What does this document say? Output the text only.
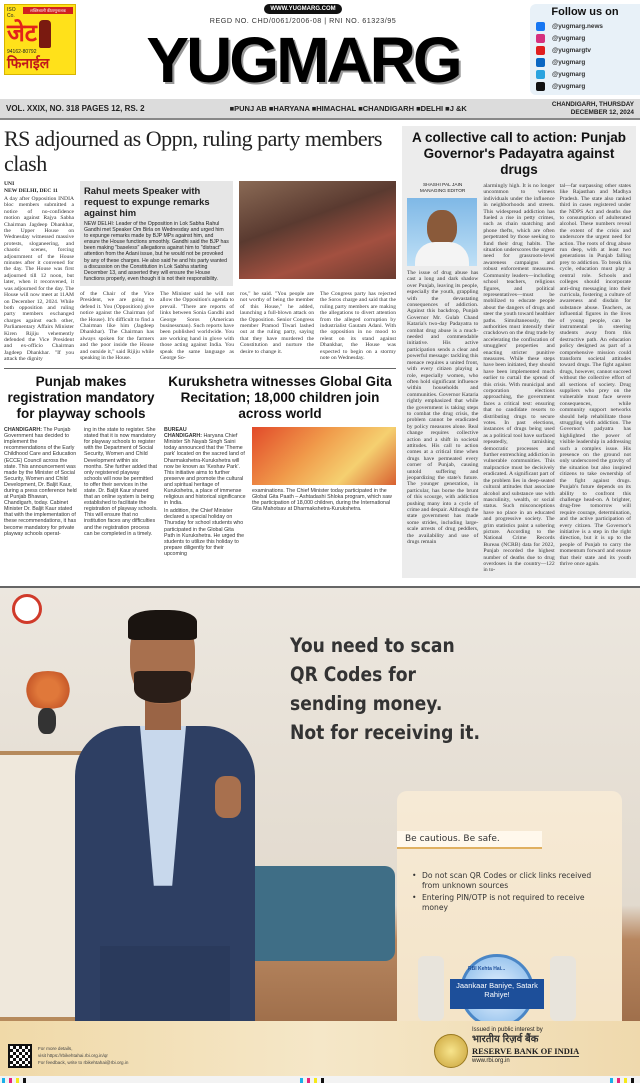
ISO Co.
शक्तिशाली कीटाणुनाशक
जेट
94162-80792
फिनाईल
WWW.YUGMARG.COM
REGD NO. CHD/0061/2006-08 | RNI NO. 61323/95
YUGMARG
Follow us on
@yugmarg.news
@yugmarg
@yugmargtv
@yugmarg
@yugmarg
@yugmarg
VOL. XXIX, NO. 318 PAGES 12, RS. 2	■PUNJ AB ■HARYANA ■HIMACHAL ■CHANDIGARH ■DELHI ■J &K	CHANDIGARH, THURSDAY
DECEMBER 12, 2024
RS adjourned as Oppn, ruling party members clash
UNI
NEW DELHI, DEC 11
A day after Opposition INDIA bloc members submitted a notice of no-confidence motion against Rajya Sabha Chairman Jagdeep Dhankhar, the Upper House on Wednesday witnessed massive protests, sloganeering, and chaotic scenes, forcing adjournment of the House minutes after it convened for the day. The House was first adjourned till 12 noon, but later, when it reconvened, it was adjourned for the day. The House will now meet at 11AM on December 12, 2024. While both opposition and ruling party members exchanged charges against each other, Parliamentary Affairs Minister Kiren Rijiju vehemently defended the Vice President and ex-officio Chairman Jagdeep Dhankhar. "If you attack the dignity
Rahul meets Speaker with request to expunge remarks against him

NEW DELHI: Leader of the Opposition in Lok Sabha Rahul Gandhi met Speaker Om Birla on Wednesday and urged him to expunge remarks made by BJP MPs against him, and ensure the House functions smoothly. Gandhi said the BJP has been making "baseless" allegations against him to "distract" attention from the Adani issue, but he would not be provoked by any of these charges. He also said he and his party wanted a discussion on the Constitution in Lok Sabha starting December 13, and asserted they will ensure the House functions properly, even though it is not their responsibility.

of the Chair of the Vice President, we are going to defend it. You (Opposition) give notice against the Chairman (of the House). It's difficult to find a Chairman like him (Jagdeep Dhankhar). The Chairman has always spoken for the farmers and the poor inside the House and outside it," said Rijiju while speaking in the House.
The Minister said he will not allow the Opposition's agenda to prevail. "There are reports of links between Sonia Gandhi and George Soros (American businessman). Such reports have been published worldwide. You are working hand in glove with those acting against India. You speak the same language as George So-
ros," he said. "You people are not worthy of being the member of this House," he added, launching a full-blown attack on the Opposition. Senior Congress member Pramod Tiwari lashed out at the ruling party, saying that they have murdered the Constitution and nurture the desire to change it.
The Congress party has rejected the Soros charge and said that the ruling party members are making the allegations to divert attention from the alleged corruption by industrialist Gautam Adani. With the opposition in no mood to relent on its stand against Dhankhar, the House was expected to begin on a stormy note on Wednesday.
Punjab makes registration mandatory for playway schools
CHANDIGARH: The Punjab Government has decided to implement the recommendations of the Early Childhood Care and Education (ECCE) Council across the state. This announcement was made by the Minister of Social Security, Women and Child Development, Dr. Baljit Kaur, during a press conference held at Punjab Bhawan, Chandigarh, today. Cabinet Minister Dr. Baljit Kaur stated that with the implementation of these recommendations, it has become mandatory for private playway schools operat-
ing in the state to register. She stated that it is now mandatory for playway schools to register with the Department of Social Security, Women and Child Development within six months. She further added that only registered playway schools will now be permitted to offer their services in the state. Dr. Baljit Kaur shared that an online system is being established to facilitate the registration of playway schools. This will ensure that no institution faces any difficulties and the registration process can be completed in a timely.
Kurukshetra witnesses Global Gita Recitation; 18,000 children join across world
BUREAU
CHANDIGARH: Haryana Chief Minister Sh Nayab Singh Saini today announced that the 'Theme park' located on the sacred land of Dharmakshetra-Kurukshetra will now be known as 'Keshav Park'. This initiative aims to further preserve and promote the cultural and spiritual heritage of Kurukshetra, a place of immense religious and historical significance in India.
In addition, the Chief Minister declared a special holiday on Thursday for school students who participated in the Global Gita Path in Kurukshetra. He urged the students to utilize this holiday to prepare diligently for their upcoming
examinations. The Chief Minister today participated in the Global Gita Paath – Ashtadashi Shloka program, which saw the participation of 18,000 children, during the International Gita Mahotsav at Dharmakshetra-Kurukshetra.
A collective call to action: Punjab Governor's Padayatra against drugs
SHASHI PAL JAIN
MANAGING EDITOR
The issue of drug abuse has cast a long and dark shadow over Punjab, leaving its people, especially the youth, grappling with the devastating consequences of addiction. Against this backdrop, Punjab Governor Mr. Gulab Chand Kataria's two-day Padayatra to combat drug abuse is a much-needed and commendable initiative. His active participation sends a clear and powerful message: tackling this menace requires a united front, with every citizen playing a role, especially women, who often hold significant influence within households and communities. Governor Kataria rightly emphasized that while the government is taking steps to combat the drug crisis, the problem cannot be eradicated by policy measures alone. Real change requires collective action and a shift in societal attitudes. His call to action comes at a critical time when drugs have permeated every corner of Punjab, causing untold suffering and jeopardizing the state's future. The younger generation, in particular, has borne the brunt of this scourge, with addiction pushing many into a cycle of crime and despair. Although the state government has made some strides, including large-scale arrests of drug peddlers, the availability and use of drugs remain
alarmingly high. It is no longer uncommon to witness individuals under the influence in neighborhoods and streets. This widespread addiction has fueled a rise in petty crimes, such as chain snatching and phone thefts, which are often perpetrated by those seeking to fund their drug habits. The situation underscores the urgent need for grassroots-level awareness campaigns and robust enforcement measures. Community leaders—including school teachers, religious figures, and political representatives—must be mobilized to educate people about the dangers of drugs and steer the youth toward healthier paths. Simultaneously, the authorities must intensify their crackdown on the drug trade by accelerating the confiscation of smugglers' properties and enacting stricter punitive measures. While these steps have been initiated, they should have been implemented much earlier to curtail the spread of this crisis. With municipal and corporation elections approaching, the government faces a critical test: ensuring that no candidate resorts to distributing drugs to secure votes. In past elections, instances of drugs being used as a political tool have surfaced repeatedly, tarnishing democratic processes and further entrenching addiction in vulnerable communities. This malpractice must be decisively eradicated. A significant part of the problem lies in deep-seated cultural attitudes that associate alcohol and substance use with masculinity, wealth, or social status. Such misconceptions have no place in an educated and progressive society. The grim statistics paint a sobering picture. According to the National Crime Records Bureau (NCRB) data for 2022, Punjab recorded the highest number of deaths due to drug overdoses in the country—122 in to-
tal—far surpassing other states like Rajasthan and Madhya Pradesh. The state also ranked third in cases registered under the NDPS Act and deaths due to consumption of adulterated alcohol. These numbers reveal the extent of the crisis and underscore the urgent need for action. The roots of drug abuse run deep, with at least two generations in Punjab falling prey to addiction. To break this cycle, education must play a central role. Schools and colleges should incorporate anti-drug messaging into their curricula, fostering a culture of awareness and disdain for substance abuse. Teachers, as influential figures in the lives of young people, can be instrumental in steering students away from this destructive path. An education policy designed as part of a comprehensive mission could transform societal attitudes toward drugs. The fight against drugs, however, cannot succeed without the collective effort of all sections of society. Drug suppliers who prey on the vulnerable must face severe consequences, while community support networks should help rehabilitate those struggling with addiction. The Governor's padyatra has highlighted the power of visible leadership in addressing such a complex issue. His presence on the ground not only underscored the gravity of the situation but also inspired citizens to take ownership of the fight against drugs. Punjab's future depends on its ability to confront this challenge head-on. A brighter, drug-free tomorrow will require courage, determination, and the active participation of every citizen. The Governor's initiative is a step in the right direction, but it is up to the people of Punjab to carry the momentum forward and ensure that their state and its youth thrive once again.
You need to scan
QR Codes for
sending money.
Not for receiving it.
Be cautious. Be safe.
• Do not scan QR Codes or click links received from unknown sources
• Entering PIN/OTP is not required to receive money
RBI Kehta Hai...
Jaankaar Baniye, Satark Rahiye!
For more details,
visit https://rbikehtahai.rbi.org.in/qr
For feedback, write to rbikehtahai@rbi.org.in
Issued in public interest by
भारतीय रिज़र्व बैंक
RESERVE BANK OF INDIA
www.rbi.org.in
